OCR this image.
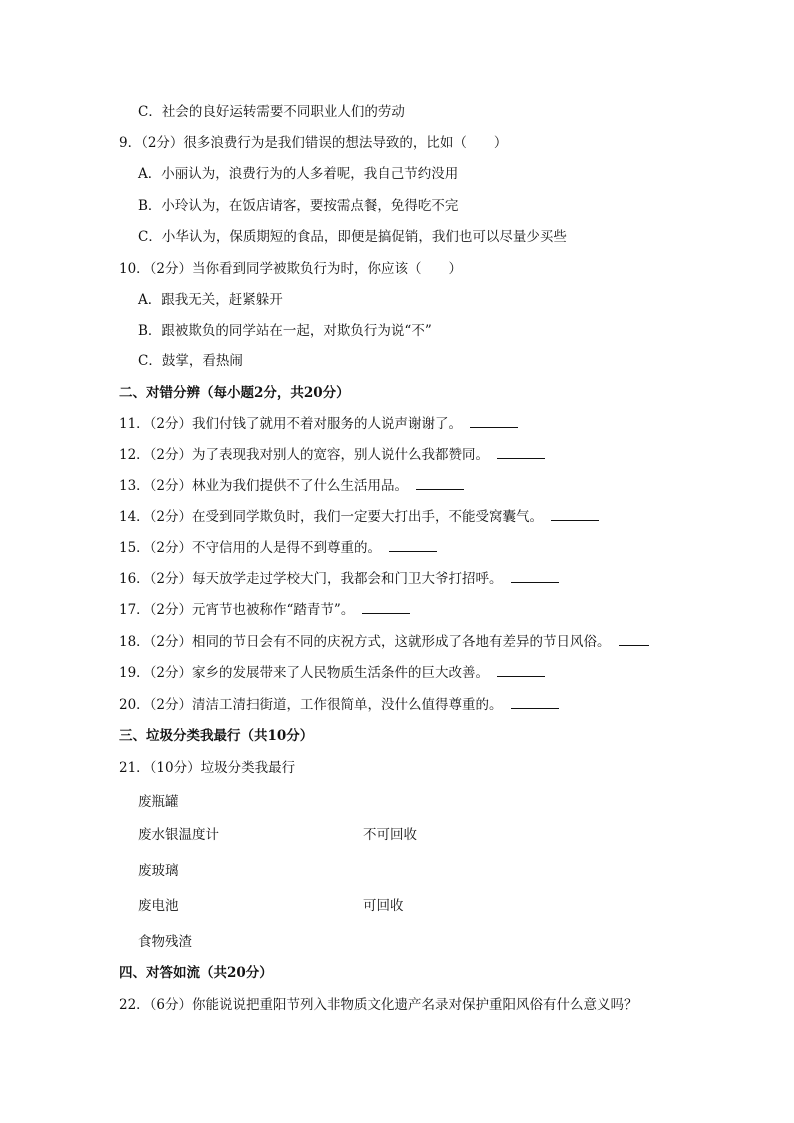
C．社会的良好运转需要不同职业人们的劳动
9．（2分）很多浪费行为是我们错误的想法导致的，比如（　　）
A．小丽认为，浪费行为的人多着呢，我自己节约没用
B．小玲认为，在饭店请客，要按需点餐，免得吃不完
C．小华认为，保质期短的食品，即便是搞促销，我们也可以尽量少买些
10．（2分）当你看到同学被欺负行为时，你应该（　　）
A．跟我无关，赶紧躲开
B．跟被欺负的同学站在一起，对欺负行为说“不”
C．鼓掌，看热闹
二、对错分辨（每小题2分，共20分）
11．（2分）我们付钱了就用不着对服务的人说声谢谢了。
12．（2分）为了表现我对别人的宽容，别人说什么我都赞同。
13．（2分）林业为我们提供不了什么生活用品。
14．（2分）在受到同学欺负时，我们一定要大打出手，不能受窝囊气。
15．（2分）不守信用的人是得不到尊重的。
16．（2分）每天放学走过学校大门，我都会和门卫大爷打招呼。
17．（2分）元宵节也被称作“踏青节”。
18．（2分）相同的节日会有不同的庆祝方式，这就形成了各地有差异的节日风俗。
19．（2分）家乡的发展带来了人民物质生活条件的巨大改善。
20．（2分）清洁工清扫街道，工作很简单，没什么值得尊重的。
三、垃圾分类我最行（共10分）
21．（10分）垃圾分类我最行
废瓶罐
废水银温度计	不可回收
废玻璃
废电池	可回收
食物残渣
四、对答如流（共20分）
22．（6分）你能说说把重阳节列入非物质文化遗产名录对保护重阳风俗有什么意义吗？
